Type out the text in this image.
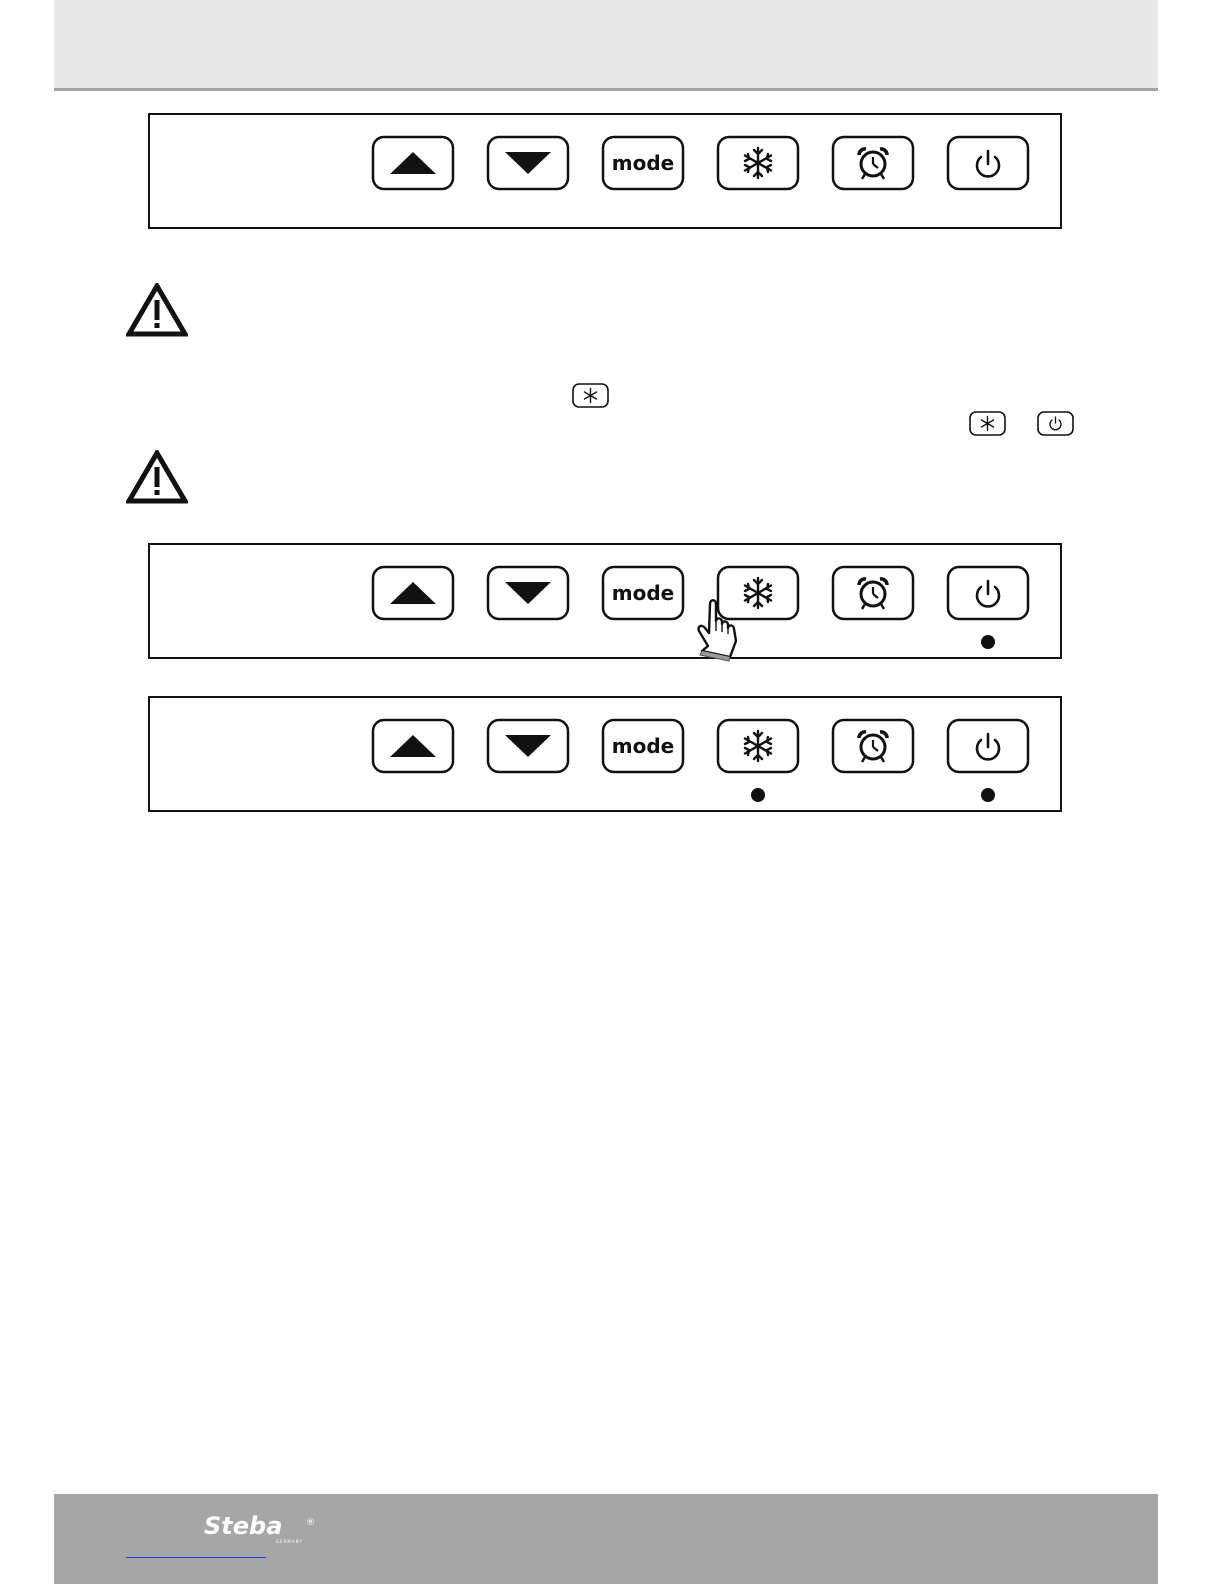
mode
mode
mode
Steba	®
GERMANY
